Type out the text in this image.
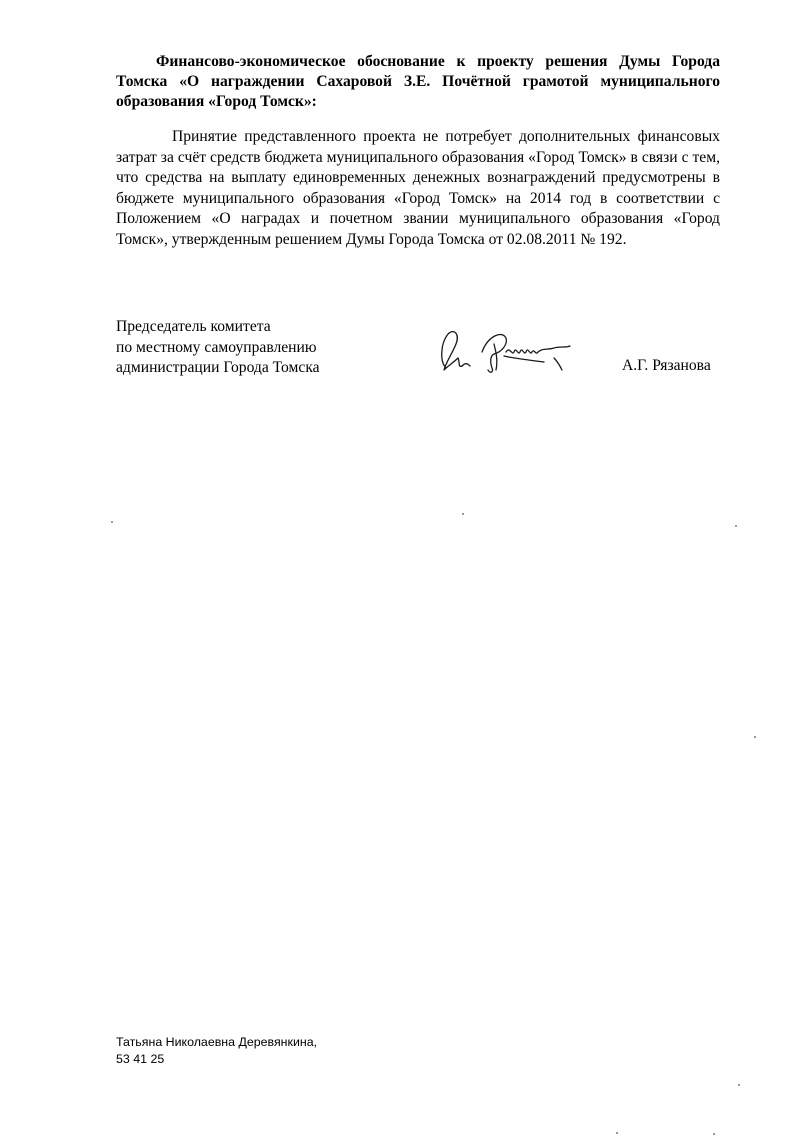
Финансово-экономическое обоснование к проекту решения Думы Города Томска «О награждении Сахаровой З.Е. Почётной грамотой муниципального образования «Город Томск»:

Принятие представленного проекта не потребует дополнительных финансовых затрат за счёт средств бюджета муниципального образования «Город Томск» в связи с тем, что средства на выплату единовременных денежных вознаграждений предусмотрены в бюджете муниципального образования «Город Томск» на 2014 год в соответствии с Положением «О наградах и почетном звании муниципального образования «Город Томск», утвержденным решением Думы Города Томска от 02.08.2011 № 192.

Председатель комитета
по местному самоуправлению
администрации Города Томска	А.Г. Рязанова
Татьяна Николаевна Деревянкина,
53 41 25
